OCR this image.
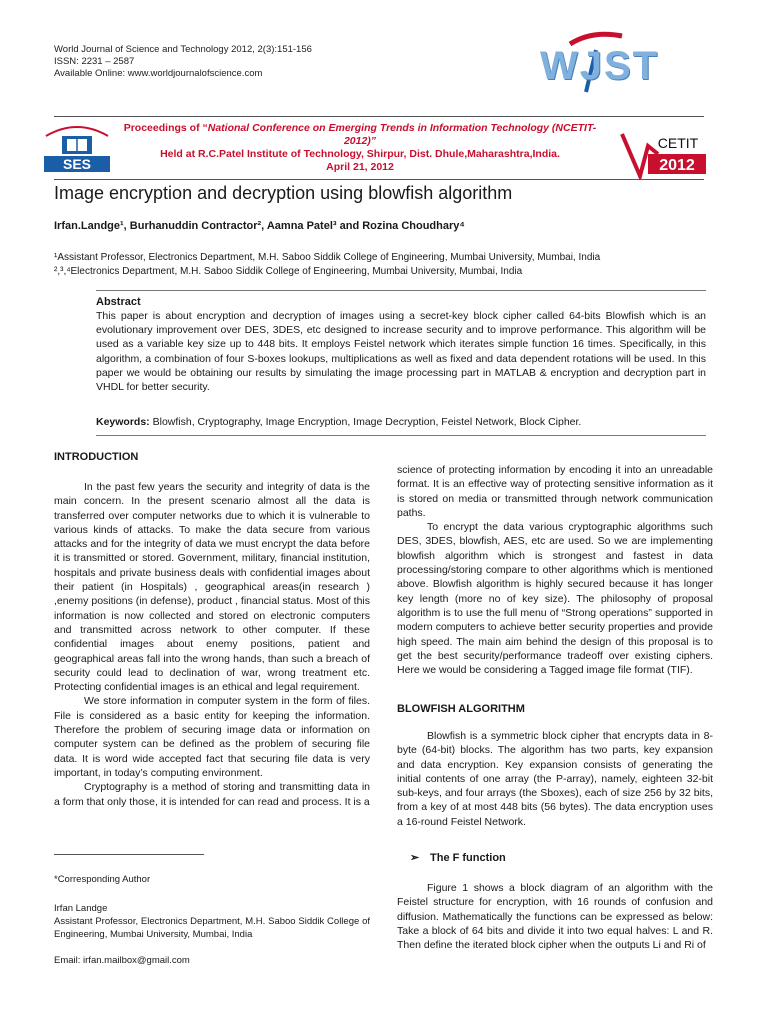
World Journal of Science and Technology 2012, 2(3):151-156
ISSN: 2231 – 2587
Available Online: www.worldjournalofscience.com	WJST
SES
Proceedings of “National Conference on Emerging Trends in Information Technology (NCETIT-2012)”
Held at R.C.Patel Institute of Technology, Shirpur, Dist. Dhule,Maharashtra,India.
April 21, 2012
CETIT
2012
Image encryption and decryption using blowfish algorithm
Irfan.Landge¹, Burhanuddin Contractor², Aamna Patel³ and Rozina Choudhary⁴
¹Assistant Professor, Electronics Department, M.H. Saboo Siddik College of Engineering, Mumbai University, Mumbai, India
²,³,⁴Electronics Department, M.H. Saboo Siddik College of Engineering, Mumbai University, Mumbai, India
Abstract
This paper is about encryption and decryption of images using a secret-key block cipher called 64-bits Blowfish which is an evolutionary improvement over DES, 3DES, etc designed to increase security and to improve performance. This algorithm will be used as a variable key size up to 448 bits. It employs Feistel network which iterates simple function 16 times. Specifically, in this algorithm, a combination of four S-boxes lookups, multiplications as well as fixed and data dependent rotations will be used. In this paper we would be obtaining our results by simulating the image processing part in MATLAB & encryption and decryption part in VHDL for better security.
Keywords: Blowfish, Cryptography, Image Encryption, Image Decryption, Feistel Network, Block Cipher.
INTRODUCTION

In the past few years the security and integrity of data is the main concern. In the present scenario almost all the data is transferred over computer networks due to which it is vulnerable to various kinds of attacks. To make the data secure from various attacks and for the integrity of data we must encrypt the data before it is transmitted or stored. Government, military, financial institution, hospitals and private business deals with confidential images about their patient (in Hospitals) , geographical areas(in research ) ,enemy positions (in defense), product , financial status. Most of this information is now collected and stored on electronic computers and transmitted across network to other computer. If these confidential images about enemy positions, patient and geographical areas fall into the wrong hands, than such a breach of security could lead to declination of war, wrong treatment etc. Protecting confidential images is an ethical and legal requirement.

We store information in computer system in the form of files. File is considered as a basic entity for keeping the information. Therefore the problem of securing image data or information on computer system can be defined as the problem of securing file data. It is word wide accepted fact that securing file data is very important, in today’s computing environment.

Cryptography is a method of storing and transmitting data in a form that only those, it is intended for can read and process. It is a

*Corresponding Author
Irfan Landge
Assistant Professor, Electronics Department, M.H. Saboo Siddik College of Engineering, Mumbai University, Mumbai, India
Email: irfan.mailbox@gmail.com

science of protecting information by encoding it into an unreadable format. It is an effective way of protecting sensitive information as it is stored on media or transmitted through network communication paths.

To encrypt the data various cryptographic algorithms such DES, 3DES, blowfish, AES, etc are used. So we are implementing blowfish algorithm which is strongest and fastest in data processing/storing compare to other algorithms which is mentioned above. Blowfish algorithm is highly secured because it has longer key length (more no of key size). The philosophy of proposal algorithm is to use the full menu of “Strong operations” supported in modern computers to achieve better security properties and provide high speed. The main aim behind the design of this proposal is to get the best security/performance tradeoff over existing ciphers. Here we would be considering a Tagged image file format (TIF).

BLOWFISH ALGORITHM

Blowfish is a symmetric block cipher that encrypts data in 8-byte (64-bit) blocks. The algorithm has two parts, key expansion and data encryption. Key expansion consists of generating the initial contents of one array (the P-array), namely, eighteen 32-bit sub-keys, and four arrays (the Sboxes), each of size 256 by 32 bits, from a key of at most 448 bits (56 bytes). The data encryption uses a 16-round Feistel Network.

➢ The F function

Figure 1 shows a block diagram of an algorithm with the Feistel structure for encryption, with 16 rounds of confusion and diffusion. Mathematically the functions can be expressed as below: Take a block of 64 bits and divide it into two equal halves: L and R. Then define the iterated block cipher when the outputs Li and Ri of
